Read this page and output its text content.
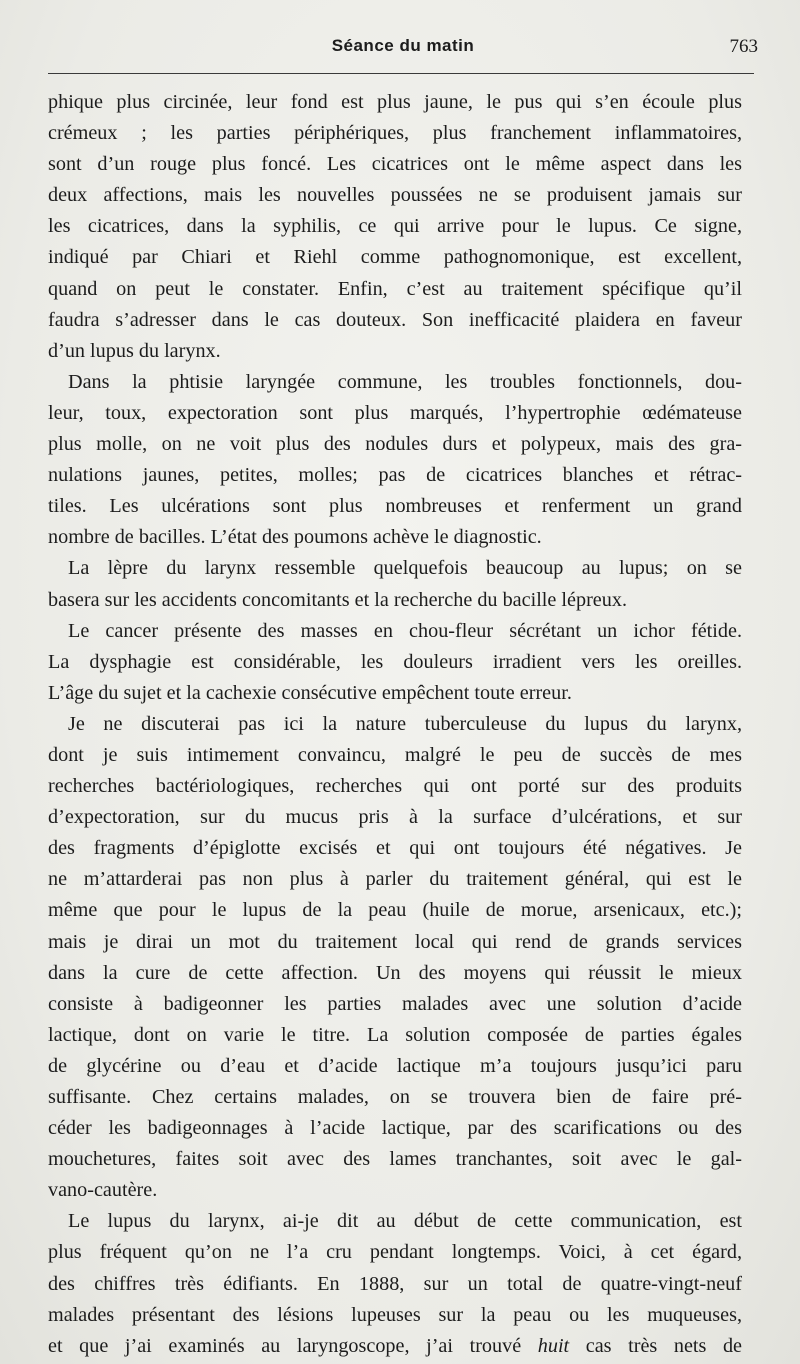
Séance du matin	763
phique plus circinée, leur fond est plus jaune, le pus qui s’en écoule plus
crémeux ; les parties périphériques, plus franchement inflammatoires,
sont d’un rouge plus foncé. Les cicatrices ont le même aspect dans les
deux affections, mais les nouvelles poussées ne se produisent jamais sur
les cicatrices, dans la syphilis, ce qui arrive pour le lupus. Ce signe,
indiqué par Chiari et Riehl comme pathognomonique, est excellent,
quand on peut le constater. Enfin, c’est au traitement spécifique qu’il
faudra s’adresser dans le cas douteux. Son inefficacité plaidera en faveur
d’un lupus du larynx.
Dans la phtisie laryngée commune, les troubles fonctionnels, dou-
leur, toux, expectoration sont plus marqués, l’hypertrophie œdémateuse
plus molle, on ne voit plus des nodules durs et polypeux, mais des gra-
nulations jaunes, petites, molles; pas de cicatrices blanches et rétrac-
tiles. Les ulcérations sont plus nombreuses et renferment un grand
nombre de bacilles. L’état des poumons achève le diagnostic.
La lèpre du larynx ressemble quelquefois beaucoup au lupus; on se
basera sur les accidents concomitants et la recherche du bacille lépreux.
Le cancer présente des masses en chou-fleur sécrétant un ichor fétide.
La dysphagie est considérable, les douleurs irradient vers les oreilles.
L’âge du sujet et la cachexie consécutive empêchent toute erreur.
Je ne discuterai pas ici la nature tuberculeuse du lupus du larynx,
dont je suis intimement convaincu, malgré le peu de succès de mes
recherches bactériologiques, recherches qui ont porté sur des produits
d’expectoration, sur du mucus pris à la surface d’ulcérations, et sur
des fragments d’épiglotte excisés et qui ont toujours été négatives. Je
ne m’attarderai pas non plus à parler du traitement général, qui est le
même que pour le lupus de la peau (huile de morue, arsenicaux, etc.);
mais je dirai un mot du traitement local qui rend de grands services
dans la cure de cette affection. Un des moyens qui réussit le mieux
consiste à badigeonner les parties malades avec une solution d’acide
lactique, dont on varie le titre. La solution composée de parties égales
de glycérine ou d’eau et d’acide lactique m’a toujours jusqu’ici paru
suffisante. Chez certains malades, on se trouvera bien de faire pré-
céder les badigeonnages à l’acide lactique, par des scarifications ou des
mouchetures, faites soit avec des lames tranchantes, soit avec le gal-
vano-cautère.
Le lupus du larynx, ai-je dit au début de cette communication, est
plus fréquent qu’on ne l’a cru pendant longtemps. Voici, à cet égard,
des chiffres très édifiants. En 1888, sur un total de quatre-vingt-neuf
malades présentant des lésions lupeuses sur la peau ou les muqueuses,
et que j’ai examinés au laryngoscope, j’ai trouvé huit cas très nets de
